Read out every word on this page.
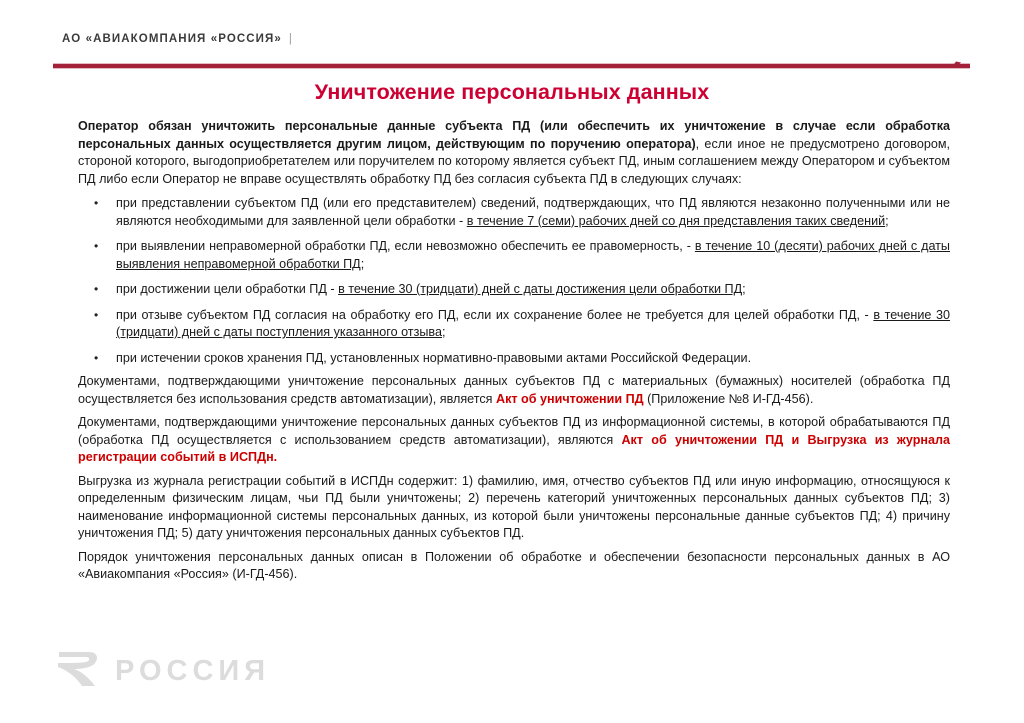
АО «АВИАКОМПАНИЯ «РОССИЯ» |
Уничтожение персональных данных

Оператор обязан уничтожить персональные данные субъекта ПД (или обеспечить их уничтожение в случае если обработка персональных данных осуществляется другим лицом, действующим по поручению оператора), если иное не предусмотрено договором, стороной которого, выгодоприобретателем или поручителем по которому является субъект ПД, иным соглашением между Оператором и субъектом ПД либо если Оператор не вправе осуществлять обработку ПД без согласия субъекта ПД в следующих случаях:

• при представлении субъектом ПД (или его представителем) сведений, подтверждающих, что ПД являются незаконно полученными или не являются необходимыми для заявленной цели обработки - в течение 7 (семи) рабочих дней со дня представления таких сведений;
• при выявлении неправомерной обработки ПД, если невозможно обеспечить ее правомерность, - в течение 10 (десяти) рабочих дней с даты выявления неправомерной обработки ПД;
• при достижении цели обработки ПД - в течение 30 (тридцати) дней с даты достижения цели обработки ПД;
• при отзыве субъектом ПД согласия на обработку его ПД, если их сохранение более не требуется для целей обработки ПД, - в течение 30 (тридцати) дней с даты поступления указанного отзыва;
• при истечении сроков хранения ПД, установленных нормативно-правовыми актами Российской Федерации.

Документами, подтверждающими уничтожение персональных данных субъектов ПД с материальных (бумажных) носителей (обработка ПД осуществляется без использования средств автоматизации), является Акт об уничтожении ПД (Приложение №8 И-ГД-456).

Документами, подтверждающими уничтожение персональных данных субъектов ПД из информационной системы, в которой обрабатываются ПД (обработка ПД осуществляется с использованием средств автоматизации), являются Акт об уничтожении ПД и Выгрузка из журнала регистрации событий в ИСПДн.

Выгрузка из журнала регистрации событий в ИСПДн содержит: 1) фамилию, имя, отчество субъектов ПД или иную информацию, относящуюся к определенным физическим лицам, чьи ПД были уничтожены; 2) перечень категорий уничтоженных персональных данных субъектов ПД; 3) наименование информационной системы персональных данных, из которой были уничтожены персональные данные субъектов ПД; 4) причину уничтожения ПД; 5) дату уничтожения персональных данных субъектов ПД.

Порядок уничтожения персональных данных описан в Положении об обработке и обеспечении безопасности персональных данных в АО «Авиакомпания «Россия» (И-ГД-456).

РОССИЯ
